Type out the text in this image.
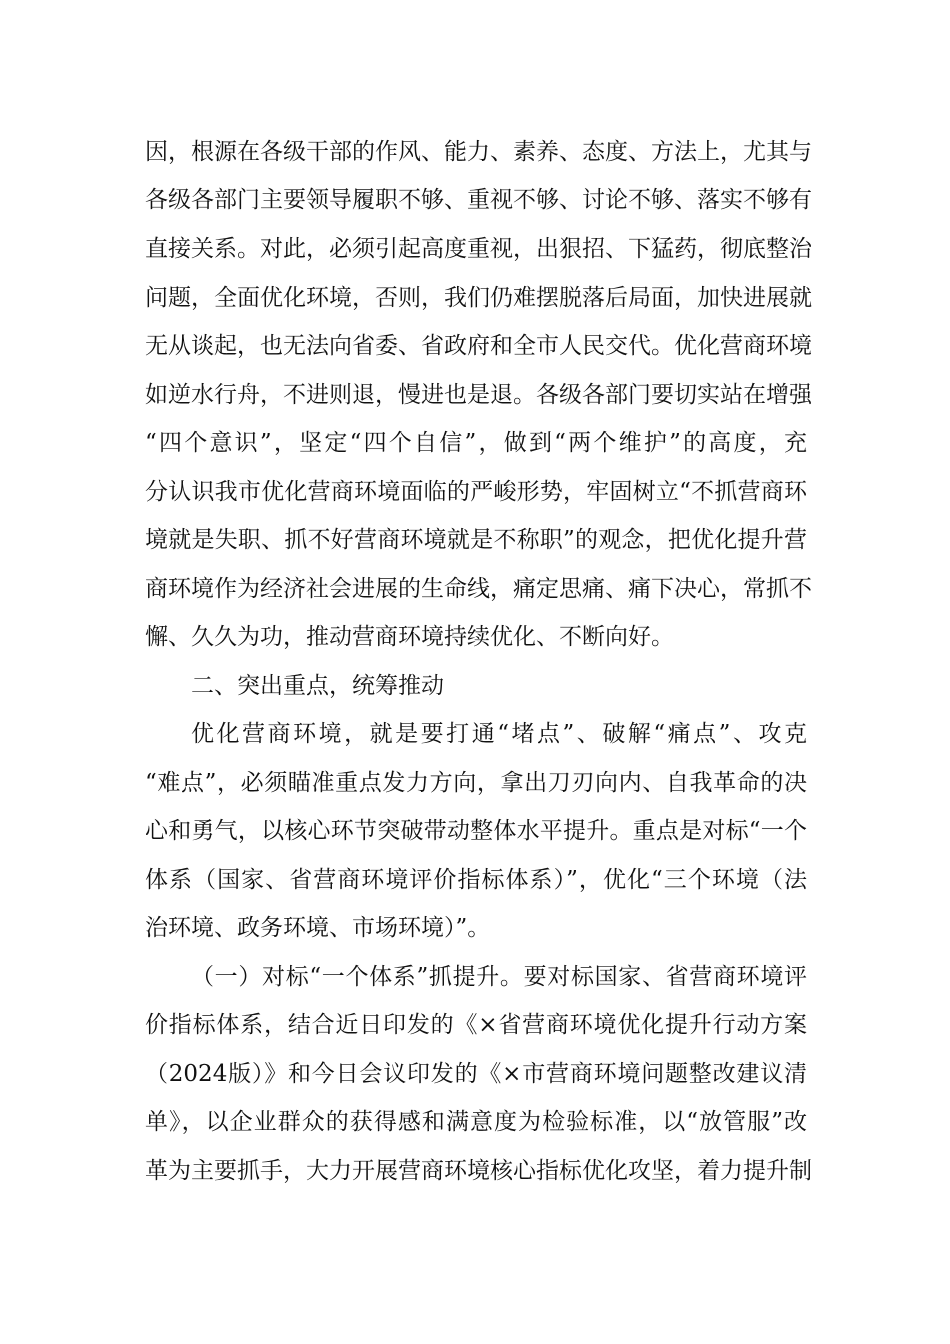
因，根源在各级干部的作风、能力、素养、态度、方法上，尤其与
各级各部门主要领导履职不够、重视不够、讨论不够、落实不够有
直接关系。对此，必须引起高度重视，出狠招、下猛药，彻底整治
问题，全面优化环境，否则，我们仍难摆脱落后局面，加快进展就
无从谈起，也无法向省委、省政府和全市人民交代。优化营商环境
如逆水行舟，不进则退，慢进也是退。各级各部门要切实站在增强
“四个意识”，坚定“四个自信”，做到“两个维护”的高度，充
分认识我市优化营商环境面临的严峻形势，牢固树立“不抓营商环
境就是失职、抓不好营商环境就是不称职”的观念，把优化提升营
商环境作为经济社会进展的生命线，痛定思痛、痛下决心，常抓不
懈、久久为功，推动营商环境持续优化、不断向好。
二、突出重点，统筹推动
优化营商环境，就是要打通“堵点”、破解“痛点”、攻克
“难点”，必须瞄准重点发力方向，拿出刀刃向内、自我革命的决
心和勇气，以核心环节突破带动整体水平提升。重点是对标“一个
体系（国家、省营商环境评价指标体系）”，优化“三个环境（法
治环境、政务环境、市场环境）”。
（一）对标“一个体系”抓提升。要对标国家、省营商环境评
价指标体系，结合近日印发的《×省营商环境优化提升行动方案
（2024版）》和今日会议印发的《×市营商环境问题整改建议清
单》，以企业群众的获得感和满意度为检验标准，以“放管服”改
革为主要抓手，大力开展营商环境核心指标优化攻坚，着力提升制
